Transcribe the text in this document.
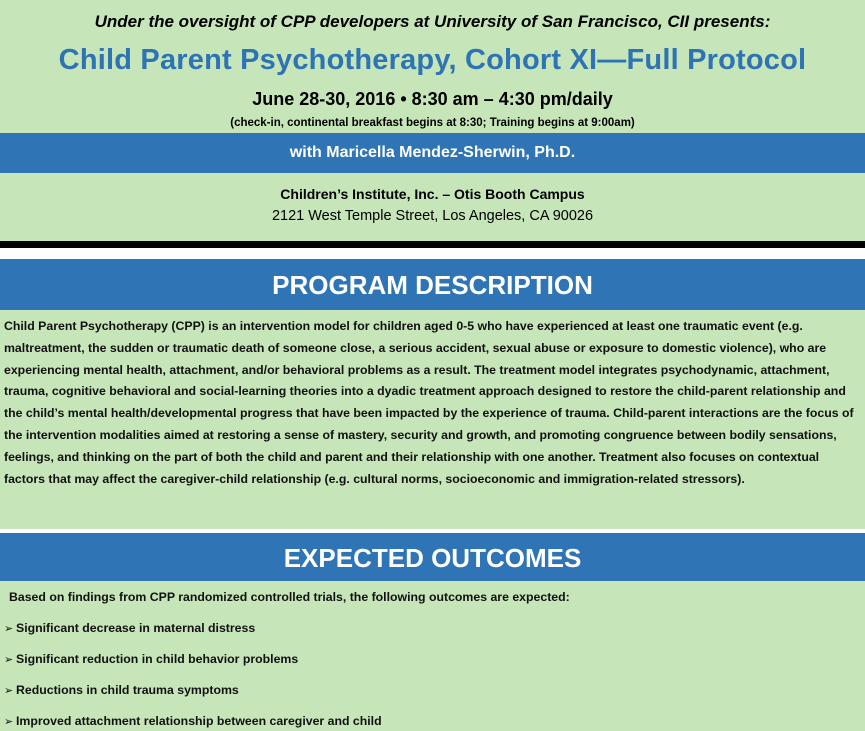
Under the oversight of CPP developers at University of San Francisco, CII presents:
Child Parent Psychotherapy, Cohort XI—Full Protocol
June 28-30, 2016 • 8:30 am – 4:30 pm/daily
(check-in, continental breakfast begins at 8:30; Training begins at 9:00am)
with Maricella Mendez-Sherwin, Ph.D.
Children’s Institute, Inc. – Otis Booth Campus
2121 West Temple Street, Los Angeles, CA 90026
PROGRAM DESCRIPTION
Child Parent Psychotherapy (CPP) is an intervention model for children aged 0-5 who have experienced at least one traumatic event (e.g. maltreatment, the sudden or traumatic death of someone close, a serious accident, sexual abuse or exposure to domestic violence), who are experiencing mental health, attachment, and/or behavioral problems as a result. The treatment model integrates psychodynamic, attachment, trauma, cognitive behavioral and social-learning theories into a dyadic treatment approach designed to restore the child-parent relationship and the child’s mental health/developmental progress that have been impacted by the experience of trauma. Child-parent interactions are the focus of the intervention modalities aimed at restoring a sense of mastery, security and growth, and promoting congruence between bodily sensations, feelings, and thinking on the part of both the child and parent and their relationship with one another. Treatment also focuses on contextual factors that may affect the caregiver-child relationship (e.g. cultural norms, socioeconomic and immigration-related stressors).
EXPECTED OUTCOMES
Based on findings from CPP randomized controlled trials, the following outcomes are expected:
➢ Significant decrease in maternal distress
➢ Significant reduction in child behavior problems
➢ Reductions in child trauma symptoms
➢ Improved attachment relationship between caregiver and child
